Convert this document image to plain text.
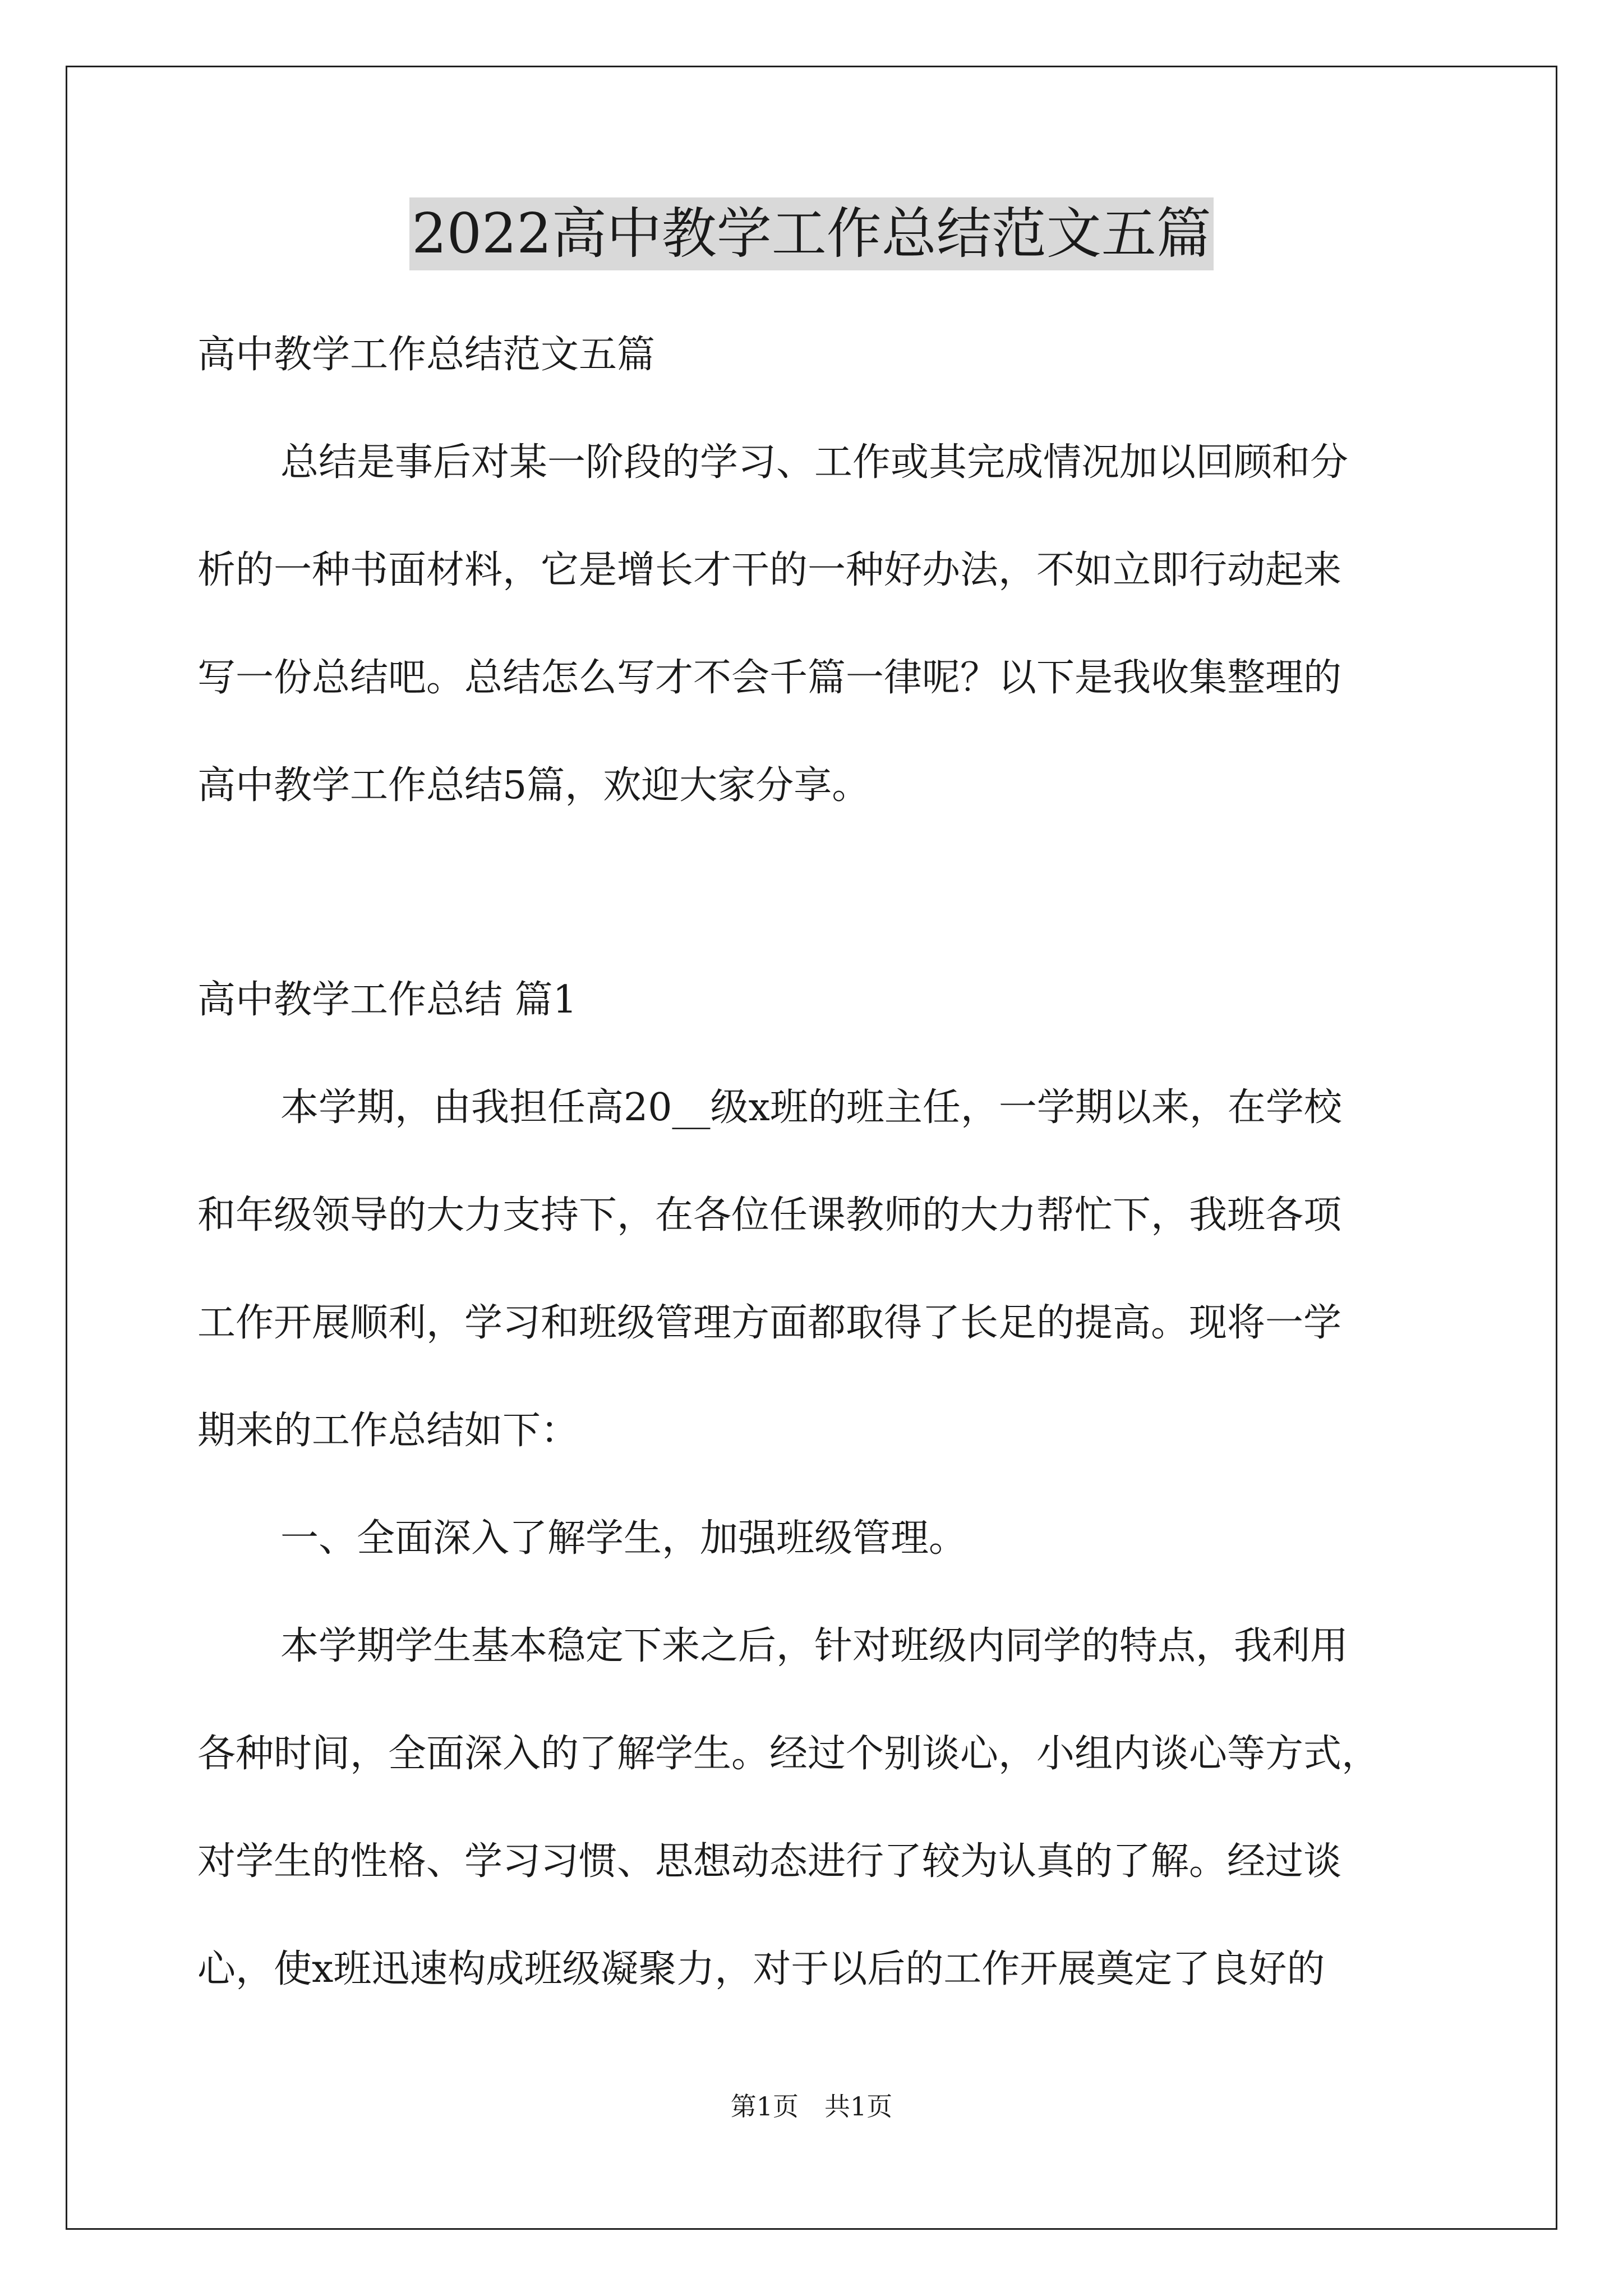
2022高中教学工作总结范文五篇
高中教学工作总结范文五篇
总结是事后对某一阶段的学习、工作或其完成情况加以回顾和分
析的一种书面材料，它是增长才干的一种好办法，不如立即行动起来
写一份总结吧。总结怎么写才不会千篇一律呢？以下是我收集整理的
高中教学工作总结5篇，欢迎大家分享。
高中教学工作总结 篇1
本学期，由我担任高20__级x班的班主任，一学期以来，在学校
和年级领导的大力支持下，在各位任课教师的大力帮忙下，我班各项
工作开展顺利，学习和班级管理方面都取得了长足的提高。现将一学
期来的工作总结如下：
一、全面深入了解学生，加强班级管理。
本学期学生基本稳定下来之后，针对班级内同学的特点，我利用
各种时间，全面深入的了解学生。经过个别谈心，小组内谈心等方式，
对学生的性格、学习习惯、思想动态进行了较为认真的了解。经过谈
心，使x班迅速构成班级凝聚力，对于以后的工作开展奠定了良好的
第1页 共1页
